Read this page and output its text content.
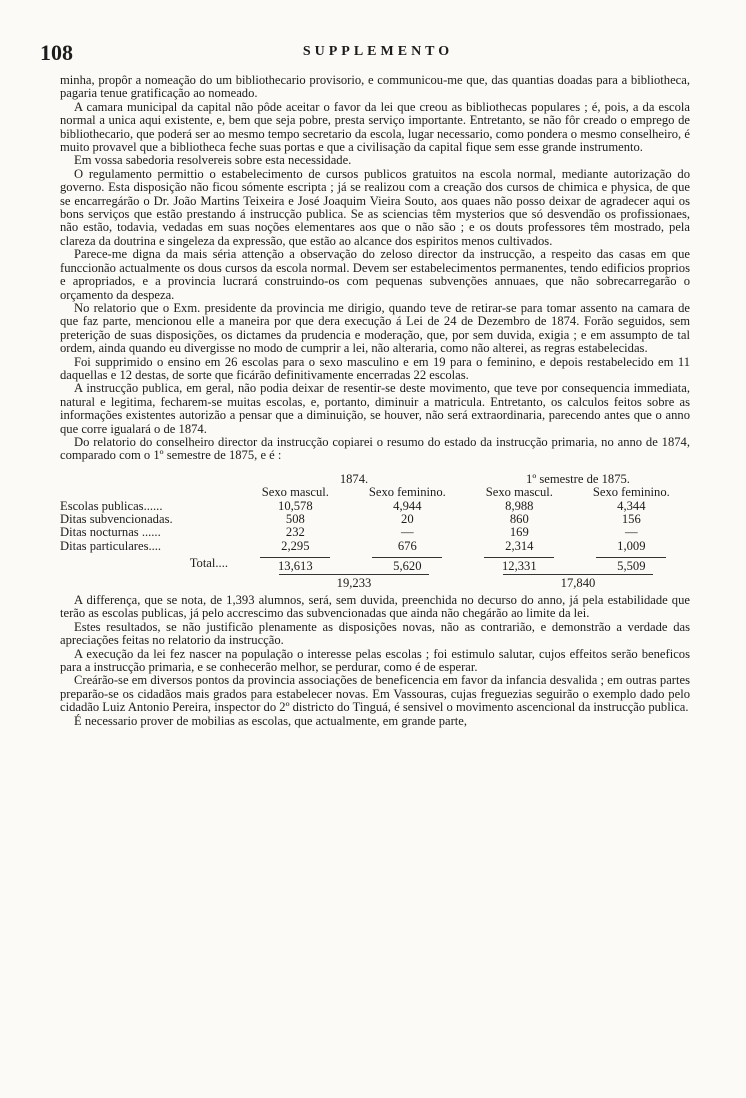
108	SUPPLEMENTO

minha, propôr a nomeação do um bibliothecario provisorio, e communicou-me que, das quantias doadas para a bibliotheca, pagaria tenue gratificação ao nomeado.

A camara municipal da capital não pôde aceitar o favor da lei que creou as bibliothecas populares ; é, pois, a da escola normal a unica aqui existente, e, bem que seja pobre, presta serviço importante. Entretanto, se não fôr creado o emprego de bibliothecario, que poderá ser ao mesmo tempo secretario da escola, lugar necessario, como pondera o mesmo conselheiro, é muito provavel que a bibliotheca feche suas portas e que a civilisação da capital fique sem esse grande instrumento.

Em vossa sabedoria resolvereis sobre esta necessidade.

O regulamento permittio o estabelecimento de cursos publicos gratuitos na escola normal, mediante autorização do governo. Esta disposição não ficou sómente escripta ; já se realizou com a creação dos cursos de chimica e physica, de que se encarregárão o Dr. João Martins Teixeira e José Joaquim Vieira Souto, aos quaes não posso deixar de agradecer aqui os bons serviços que estão prestando á instrucção publica. Se as sciencias têm mysterios que só desvendão os profissionaes, não estão, todavia, vedadas em suas noções elementares aos que o não são ; e os douts professores têm mostrado, pela clareza da doutrina e singeleza da expressão, que estão ao alcance dos espiritos menos cultivados.

Parece-me digna da mais séria attenção a observação do zeloso director da instrucção, a respeito das casas em que funccionão actualmente os dous cursos da escola normal. Devem ser estabelecimentos permanentes, tendo edificios proprios e apropriados, e a provincia lucrará construindo-os com pequenas subvenções annuaes, que não sobrecarregarão o orçamento da despeza.

No relatorio que o Exm. presidente da provincia me dirigio, quando teve de retirar-se para tomar assento na camara de que faz parte, mencionou elle a maneira por que dera execução á Lei de 24 de Dezembro de 1874. Forão seguidos, sem preterição de suas disposições, os dictames da prudencia e moderação, que, por sem duvida, exigia ; e em assumpto de tal ordem, ainda quando eu divergisse no modo de cumprir a lei, não alteraria, como não alterei, as regras estabelecidas.

Foi supprimido o ensino em 26 escolas para o sexo masculino e em 19 para o feminino, e depois restabelecido em 11 daquellas e 12 destas, de sorte que ficárão definitivamente encerradas 22 escolas.

A instrucção publica, em geral, não podia deixar de resentir-se deste movimento, que teve por consequencia immediata, natural e legitima, fecharem-se muitas escolas, e, portanto, diminuir a matricula. Entretanto, os calculos feitos sobre as informações existentes autorizão a pensar que a diminuição, se houver, não será extraordinaria, parecendo antes que o anno que corre igualará o de 1874.

Do relatorio do conselheiro director da instrucção copiarei o resumo do estado da instrucção primaria, no anno de 1874, comparado com o 1º semestre de 1875, e é :

	1874.		1º semestre de 1875.	
	Sexo mascul.	Sexo feminino.	Sexo mascul.	Sexo feminino.
Escolas publicas......	10,578	4,944	8,988	4,344
Ditas subvencionadas.	508	20	860	156
Ditas nocturnas ......	232	—	169	—
Ditas particulares....	2,295	676	2,314	1,009
Total....	13,613	5,620	12,331	5,509
	19,233		17,840	

A differença, que se nota, de 1,393 alumnos, será, sem duvida, preenchida no decurso do anno, já pela estabilidade que terão as escolas publicas, já pelo accrescimo das subvencionadas que ainda não chegárão ao limite da lei.

Estes resultados, se não justificão plenamente as disposições novas, não as contrarião, e demonstrão a verdade das apreciações feitas no relatorio da instrucção.

A execução da lei fez nascer na população o interesse pelas escolas ; foi estimulo salutar, cujos effeitos serão beneficos para a instrucção primaria, e se conhecerão melhor, se perdurar, como é de esperar.

Creárão-se em diversos pontos da provincia associações de beneficencia em favor da infancia desvalida ; em outras partes preparão-se os cidadãos mais grados para estabelecer novas. Em Vassouras, cujas freguezias seguirão o exemplo dado pelo cidadão Luiz Antonio Pereira, inspector do 2º districto do Tinguá, é sensivel o movimento ascencional da instrucção publica.

É necessario prover de mobilias as escolas, que actualmente, em grande parte,
